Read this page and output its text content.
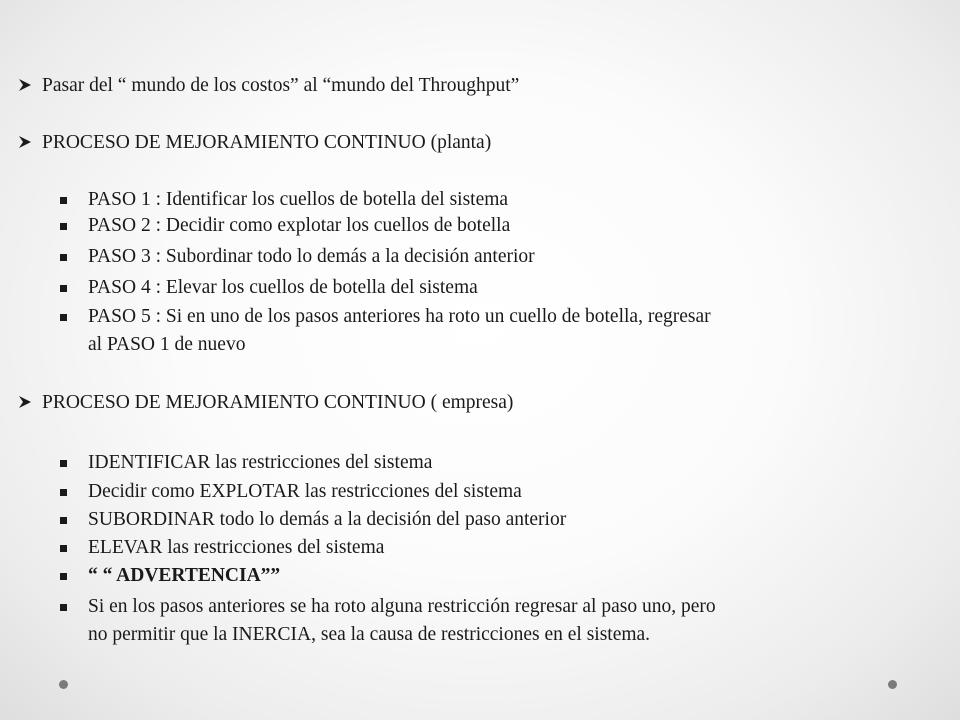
Pasar del “ mundo de los costos” al “mundo del Throughput”
PROCESO DE MEJORAMIENTO CONTINUO (planta)
PASO 1 : Identificar los cuellos de botella del sistema
PASO 2 : Decidir como explotar los cuellos de botella
PASO 3 : Subordinar todo lo demás a la decisión anterior
PASO 4 : Elevar los cuellos de botella del sistema
PASO 5 : Si en uno de los pasos anteriores ha roto un cuello de botella, regresar
al PASO 1 de nuevo
PROCESO DE MEJORAMIENTO CONTINUO ( empresa)
IDENTIFICAR las restricciones del sistema
Decidir como EXPLOTAR las restricciones del sistema
SUBORDINAR todo lo demás a la decisión del paso anterior
ELEVAR las restricciones del sistema
“ “ ADVERTENCIA””
Si en los pasos anteriores se ha roto alguna restricción regresar al paso uno, pero
no permitir que la INERCIA, sea la causa de restricciones en el sistema.
